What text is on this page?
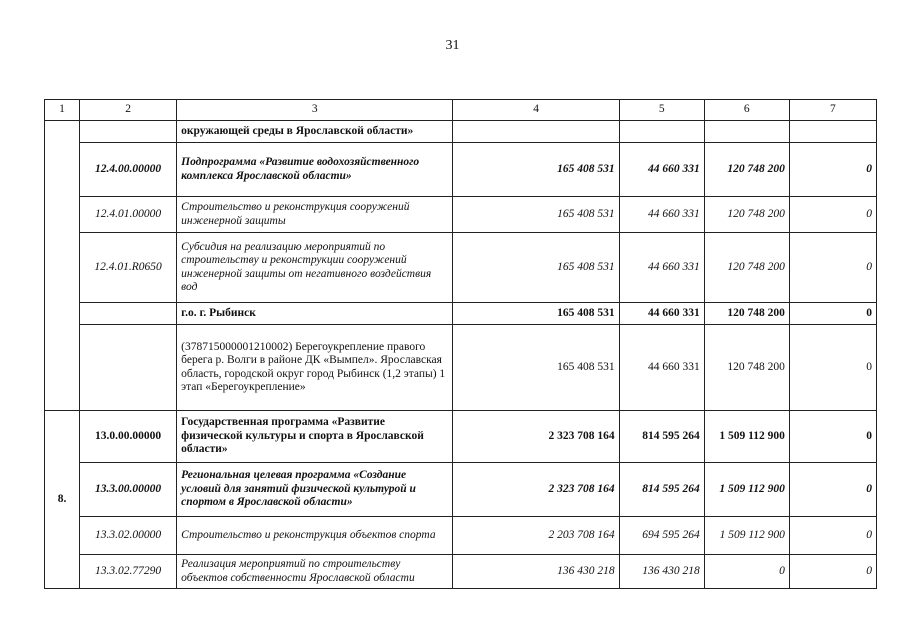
31
1	2	3	4	5	6	7
		окружающей среды в Ярославской области»				
	12.4.00.00000	Подпрограмма «Развитие водохозяйственного комплекса Ярославской области»	165 408 531	44 660 331	120 748 200	0
	12.4.01.00000	Строительство и реконструкция сооружений инженерной защиты	165 408 531	44 660 331	120 748 200	0
	12.4.01.R0650	Субсидия на реализацию мероприятий по строительству и реконструкции сооружений инженерной защиты от негативного воздействия вод	165 408 531	44 660 331	120 748 200	0
		г.о. г. Рыбинск	165 408 531	44 660 331	120 748 200	0
		(378715000001210002) Берегоукрепление правого берега р. Волги в районе ДК «Вымпел». Ярославская область, городской округ город Рыбинск (1,2 этапы) 1 этап «Берегоукрепление»	165 408 531	44 660 331	120 748 200	0
8.	13.0.00.00000	Государственная программа «Развитие физической культуры и спорта в Ярославской области»	2 323 708 164	814 595 264	1 509 112 900	0
	13.3.00.00000	Региональная целевая программа «Создание условий для занятий физической культурой и спортом в Ярославской области»	2 323 708 164	814 595 264	1 509 112 900	0
	13.3.02.00000	Строительство и реконструкция объектов спорта	2 203 708 164	694 595 264	1 509 112 900	0
	13.3.02.77290	Реализация мероприятий по строительству объектов собственности Ярославской области	136 430 218	136 430 218	0	0
